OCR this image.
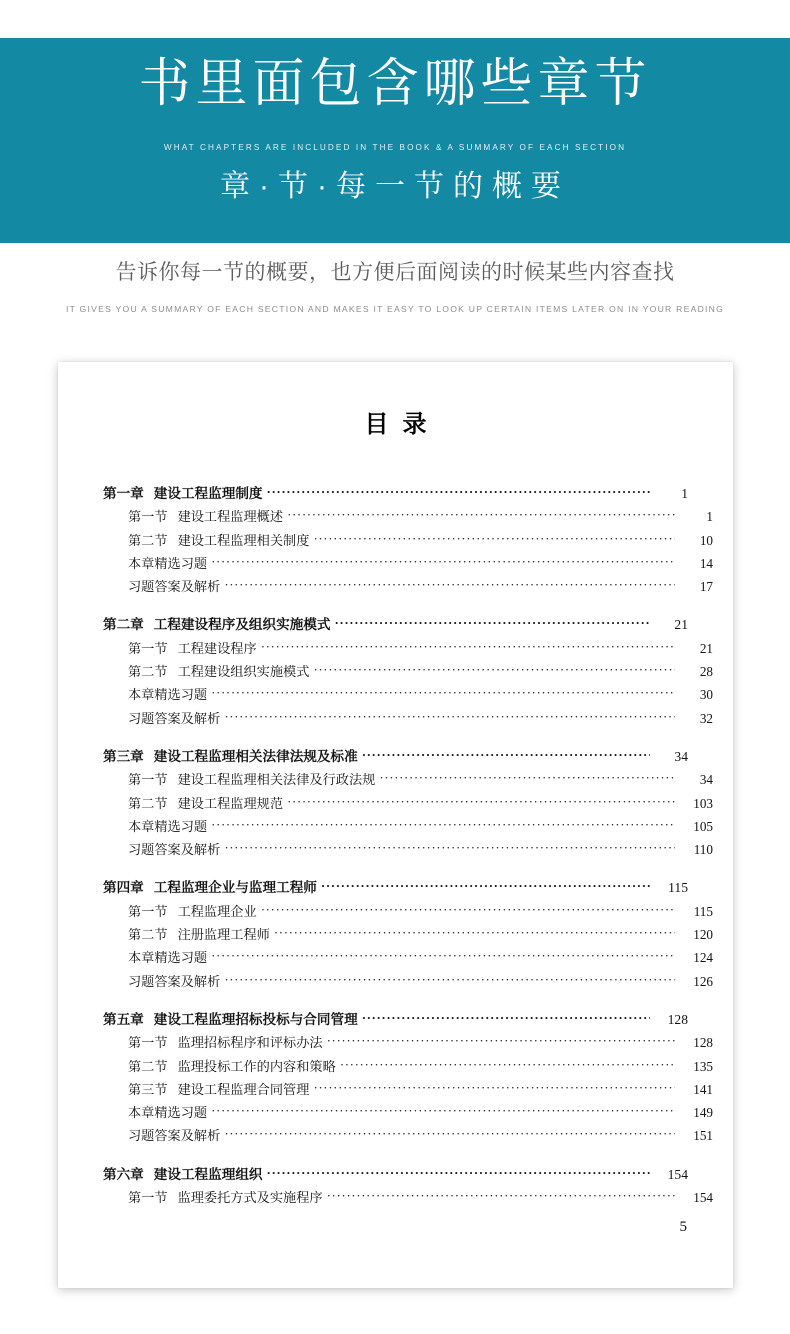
书里面包含哪些章节
WHAT CHAPTERS ARE INCLUDED IN THE BOOK & A SUMMARY OF EACH SECTION
章·节·每一节的概要
告诉你每一节的概要，也方便后面阅读的时候某些内容查找
IT GIVES YOU A SUMMARY OF EACH SECTION AND MAKES IT EASY TO LOOK UP CERTAIN ITEMS LATER ON IN YOUR READING
目录
第一章 建设工程监理制度 ·····	1
第一节 建设工程监理概述 ·····	1
第二节 建设工程监理相关制度 ·····	10
本章精选习题 ·····	14
习题答案及解析 ·····	17
第二章 工程建设程序及组织实施模式 ·····	21
第一节 工程建设程序 ·····	21
第二节 工程建设组织实施模式 ·····	28
本章精选习题 ·····	30
习题答案及解析 ·····	32
第三章 建设工程监理相关法律法规及标准 ·····	34
第一节 建设工程监理相关法律及行政法规 ·····	34
第二节 建设工程监理规范 ·····	103
本章精选习题 ·····	105
习题答案及解析 ·····	110
第四章 工程监理企业与监理工程师 ·····	115
第一节 工程监理企业 ·····	115
第二节 注册监理工程师 ·····	120
本章精选习题 ·····	124
习题答案及解析 ·····	126
第五章 建设工程监理招标投标与合同管理 ·····	128
第一节 监理招标程序和评标办法 ·····	128
第二节 监理投标工作的内容和策略 ·····	135
第三节 建设工程监理合同管理 ·····	141
本章精选习题 ·····	149
习题答案及解析 ·····	151
第六章 建设工程监理组织 ·····	154
第一节 监理委托方式及实施程序 ·····	154
5
